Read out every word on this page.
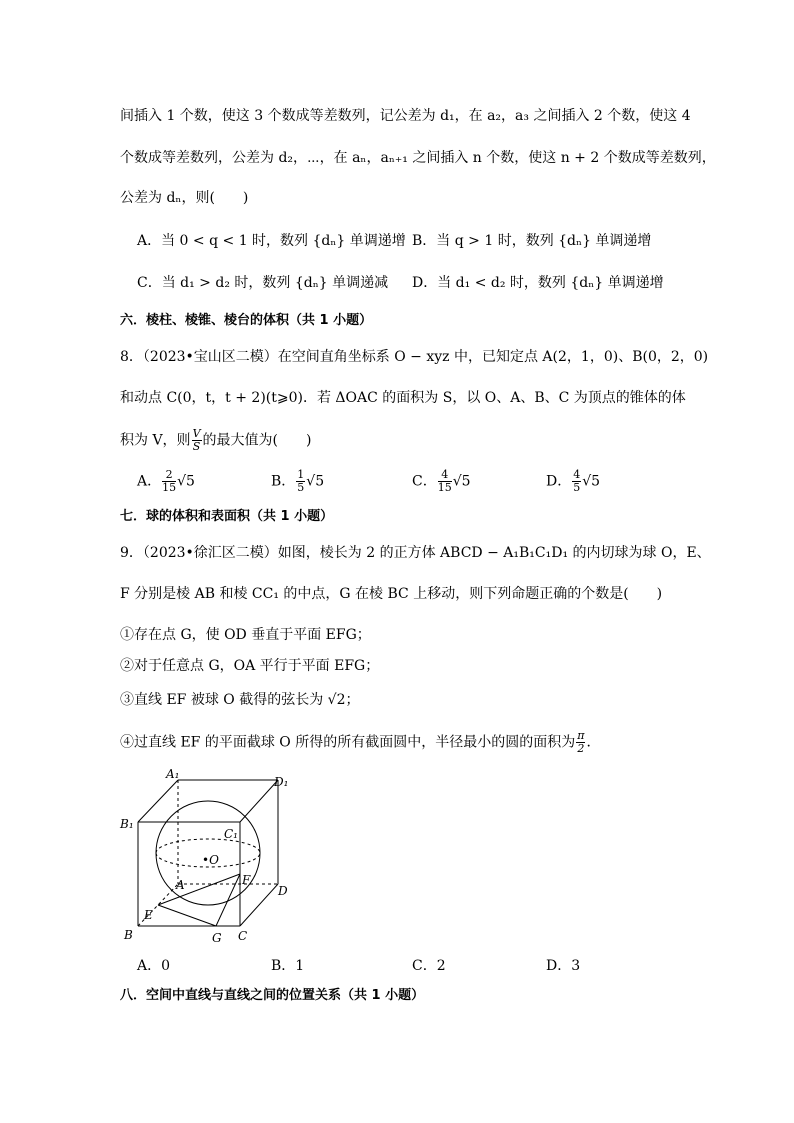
间插入 1 个数，使这 3 个数成等差数列，记公差为 d₁，在 a₂，a₃ 之间插入 2 个数，使这 4
个数成等差数列，公差为 d₂，⋯，在 aₙ，aₙ₊₁ 之间插入 n 个数，使这 n + 2 个数成等差数列，
公差为 dₙ，则(　　)
A．当 0 < q < 1 时，数列 {dₙ} 单调递增 B．当 q > 1 时，数列 {dₙ} 单调递增
C．当 d₁ > d₂ 时，数列 {dₙ} 单调递减 D．当 d₁ < d₂ 时，数列 {dₙ} 单调递增
六．棱柱、棱锥、棱台的体积（共 1 小题）
8．（2023•宝山区二模）在空间直角坐标系 O − xyz 中，已知定点 A(2，1，0)、B(0，2，0)
和动点 C(0，t，t + 2)(t⩾0)．若 ΔOAC 的面积为 S，以 O、A、B、C 为顶点的锥体的体
积为 V，则 $\frac{V}{S}$ 的最大值为(　　)
A． $\frac{2}{15} √5$	B． $\frac{1}{5} √5$	C． $\frac{4}{15} √5$	D． $\frac{4}{5} √5$
七．球的体积和表面积（共 1 小题）
9．（2023•徐汇区二模）如图，棱长为 2 的正方体 ABCD − A₁B₁C₁D₁ 的内切球为球 O，E、
F 分别是棱 AB 和棱 CC₁ 的中点，G 在棱 BC 上移动，则下列命题正确的个数是(　　)
①存在点 G，使 OD 垂直于平面 EFG；
②对于任意点 G，OA 平行于平面 EFG；
③直线 EF 被球 O 截得的弦长为 √2；
④过直线 EF 的平面截球 O 所得的所有截面圆中，半径最小的圆的面积为 $\frac{\pi}{2}$ ．
A₁
D₁
B₁
C₁
•O
A	F
D
E
B	G C
A．0	B．1	C．2	D．3
八．空间中直线与直线之间的位置关系（共 1 小题）
